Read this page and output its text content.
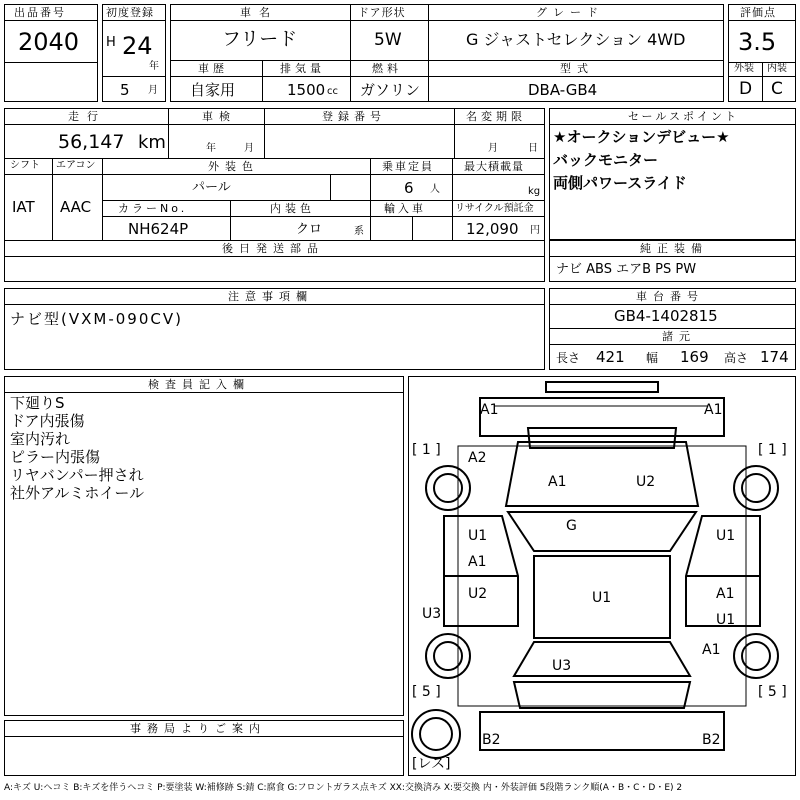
出品番号
2040
初度登録
H 24
年
5 月
車名
フリード
ドア形状
5W
グレード
G ジャストセレクション 4WD
車歴
自家用
排気量
1500 cc
燃料
ガソリン
型式
DBA-GB4
評価点
3.5
外装 内装
D C
走行
56,147 km
車検
年	月
登録番号	名変期限
月	日
シフト エアコン
IAT AAC
外装色
パール
乗車定員
6 人
最大積載量
kg
カラーNo.
NH624P
内装色
クロ	系
輸入車	リサイクル預託金
12,090 円
後日発送部品
セールスポイント
★オークションデビュー★
バックモニター
両側パワースライド
純正装備
ナビ ABS エアB PS PW
注意事項欄
ナビ型(VXM-090CV)
車台番号
GB4-1402815
諸元
長さ 421 幅 169 高さ 174
検査員記入欄
下廻りS
ドア内張傷
室内汚れ
ピラー内張傷
リヤバンパー押され
社外アルミホイール
事務局よりご案内
A1	A1
A2
A1	U2
G
U1
A1
U2	U1
U1
A1
U1
A1
U3
U3
B2	B2
[ 1 ]	[ 1 ]
[ 5 ]	[ 5 ]
[レス]
A:キズ U:ヘコミ B:キズを伴うヘコミ P:要塗装 W:補修跡 S:錆 C:腐食 G:フロントガラス点キズ XX:交換済み X:要交換 内・外装評価 5段階ランク順(A・B・C・D・E) 2
